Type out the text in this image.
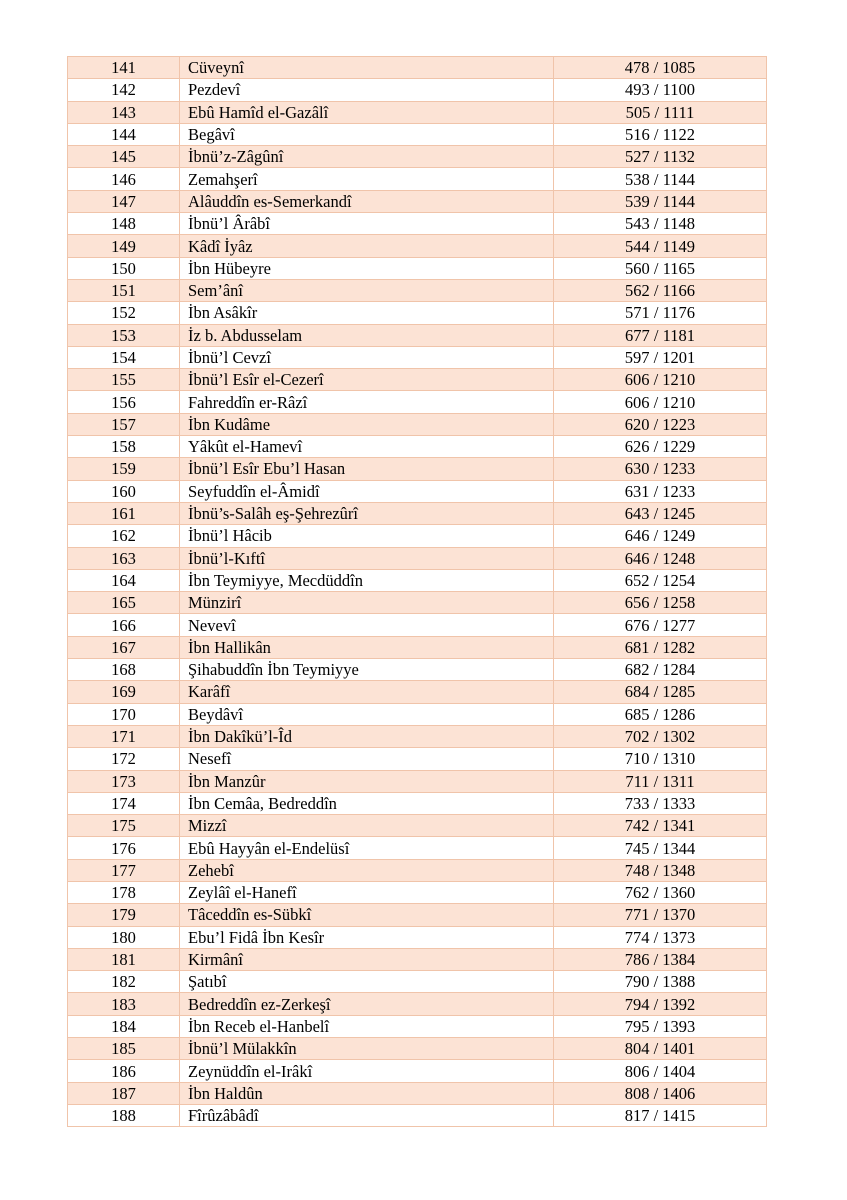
141	Cüveynî	478 / 1085
142	Pezdevî	493 / 1100
143	Ebû Hamîd el-Gazâlî	505 / 1111
144	Begâvî	516 / 1122
145	İbnü’z-Zâgûnî	527 / 1132
146	Zemahşerî	538 / 1144
147	Alâuddîn es-Semerkandî	539 / 1144
148	İbnü’l Ârâbî	543 / 1148
149	Kâdî İyâz	544 / 1149
150	İbn Hübeyre	560 / 1165
151	Sem’ânî	562 / 1166
152	İbn Asâkîr	571 / 1176
153	İz b. Abdusselam	677 / 1181
154	İbnü’l Cevzî	597 / 1201
155	İbnü’l Esîr el-Cezerî	606 / 1210
156	Fahreddîn er-Râzî	606 / 1210
157	İbn Kudâme	620 / 1223
158	Yâkût el-Hamevî	626 / 1229
159	İbnü’l Esîr Ebu’l Hasan	630 / 1233
160	Seyfuddîn el-Âmidî	631 / 1233
161	İbnü’s-Salâh eş-Şehrezûrî	643 / 1245
162	İbnü’l Hâcib	646 / 1249
163	İbnü’l-Kıftî	646 / 1248
164	İbn Teymiyye, Mecdüddîn	652 / 1254
165	Münzirî	656 / 1258
166	Nevevî	676 / 1277
167	İbn Hallikân	681 / 1282
168	Şihabuddîn İbn Teymiyye	682 / 1284
169	Karâfî	684 / 1285
170	Beydâvî	685 / 1286
171	İbn Dakîkü’l-Îd	702 / 1302
172	Nesefî	710 / 1310
173	İbn Manzûr	711 / 1311
174	İbn Cemâa, Bedreddîn	733 / 1333
175	Mizzî	742 / 1341
176	Ebû Hayyân el-Endelüsî	745 / 1344
177	Zehebî	748 / 1348
178	Zeylâî el-Hanefî	762 / 1360
179	Tâceddîn es-Sübkî	771 / 1370
180	Ebu’l Fidâ İbn Kesîr	774 / 1373
181	Kirmânî	786 / 1384
182	Şatıbî	790 / 1388
183	Bedreddîn ez-Zerkeşî	794 / 1392
184	İbn Receb el-Hanbelî	795 / 1393
185	İbnü’l Mülakkîn	804 / 1401
186	Zeynüddîn el-Irâkî	806 / 1404
187	İbn Haldûn	808 / 1406
188	Fîrûzâbâdî	817 / 1415
